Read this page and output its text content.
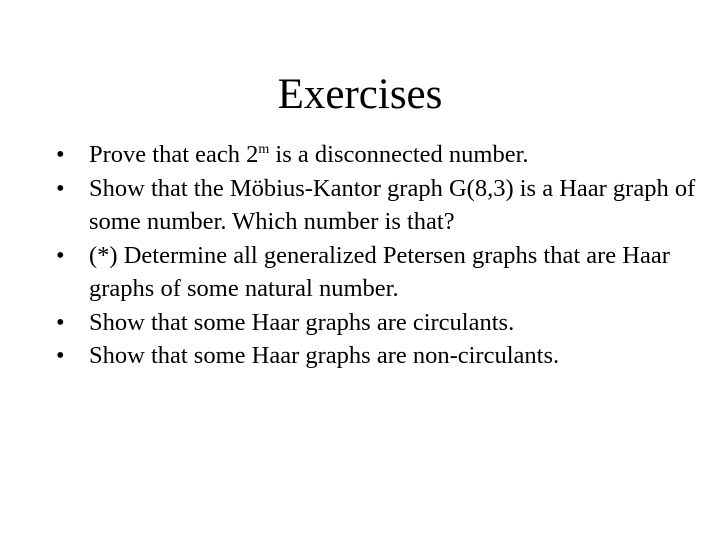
Exercises
• Prove that each 2$^m$ is a disconnected number.
• Show that the Möbius-Kantor graph G(8,3) is a Haar graph of some number. Which number is that?
• (*) Determine all generalized Petersen graphs that are Haar graphs of some natural number.
• Show that some Haar graphs are circulants.
• Show that some Haar graphs are non-circulants.
